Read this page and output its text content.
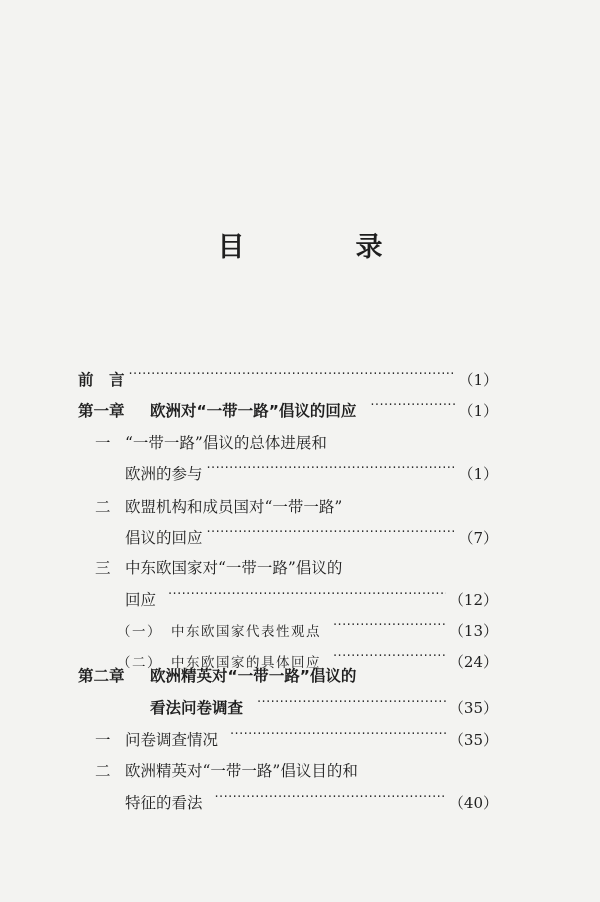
目　录
前　言 ·····	（1）
第一章	欧洲对“一带一路”倡议的回应 ·····	（1）
一 “一带一路”倡议的总体进展和
欧洲的参与 ·····	（1）
二 欧盟机构和成员国对“一带一路”
倡议的回应 ·····	（7）
三 中东欧国家对“一带一路”倡议的
回应 ·····	（12）
（一） 中东欧国家代表性观点 ·····	（13）
（二） 中东欧国家的具体回应 ·····	（24）
第二章	欧洲精英对“一带一路”倡议的
看法问卷调查 ·····	（35）
一 问卷调查情况 ·····	（35）
二 欧洲精英对“一带一路”倡议目的和
特征的看法 ·····	（40）
